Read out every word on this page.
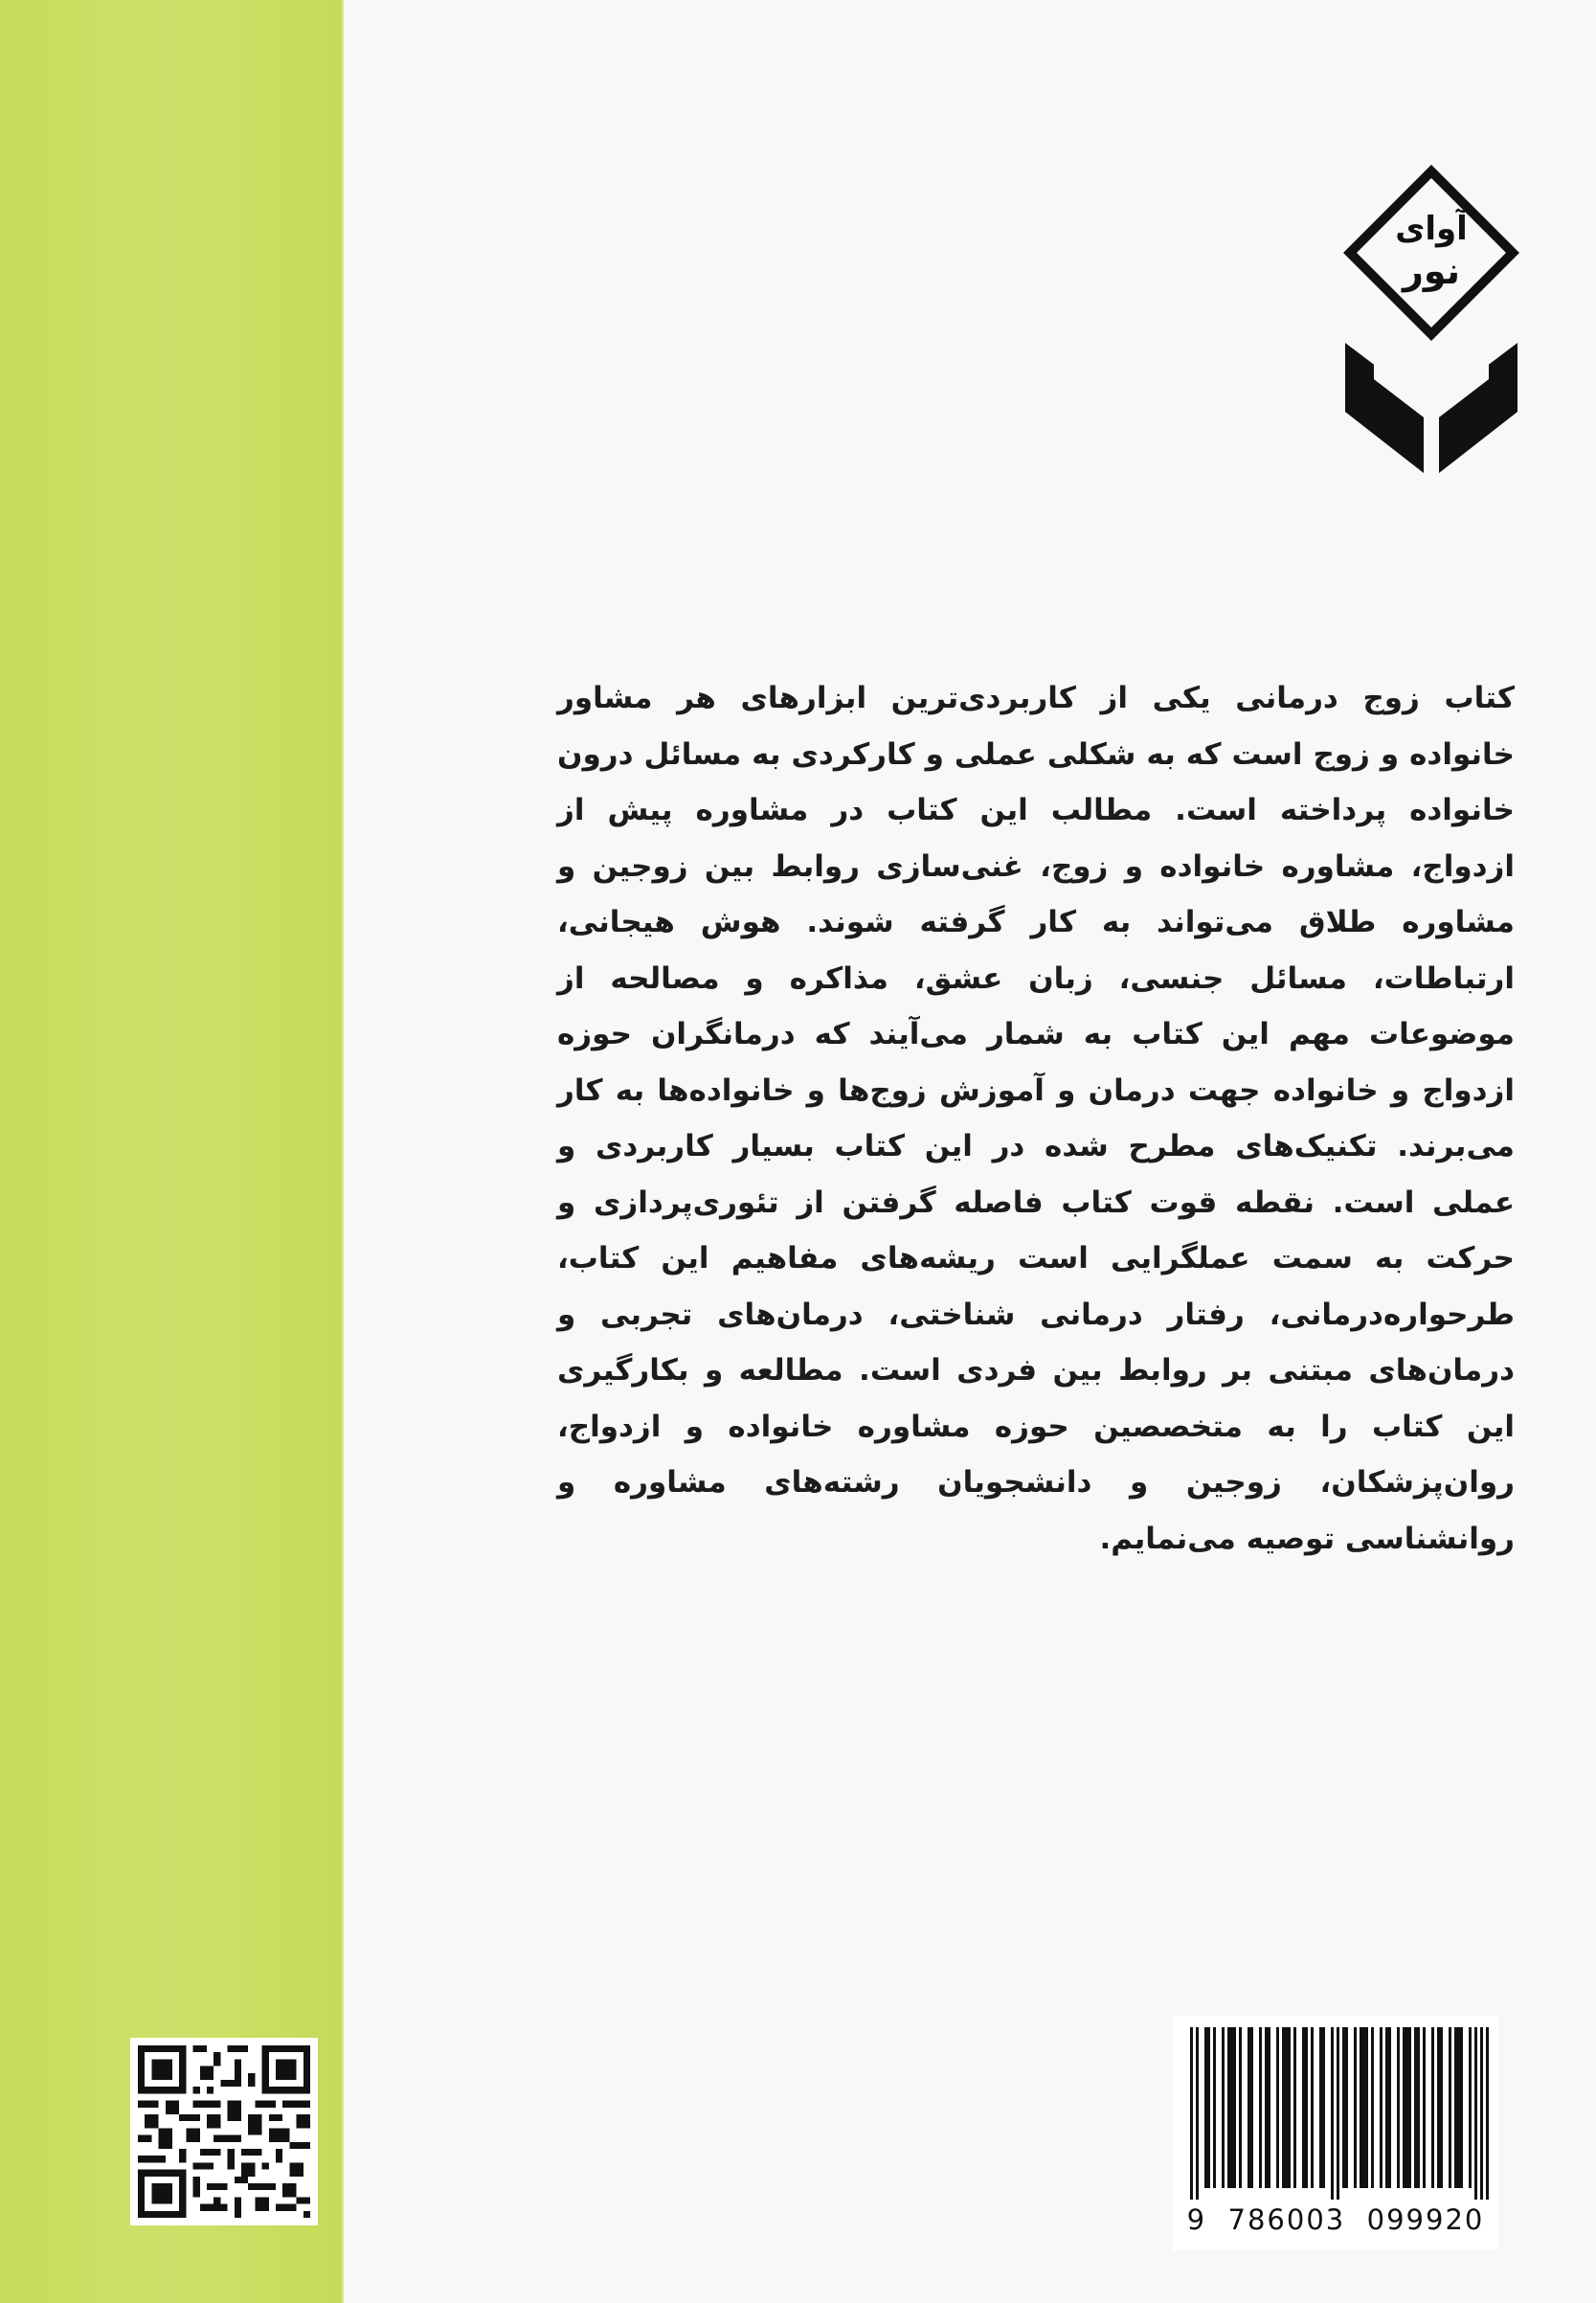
آوای
نور
کتاب زوج درمانی یکی از کاربردی‌ترین ابزارهای هر مشاور خانواده و زوج است که به شکلی عملی و کارکردی به مسائل درون خانواده پرداخته است. مطالب این کتاب در مشاوره پیش از ازدواج، مشاوره خانواده و زوج، غنی‌سازی روابط بین زوجین و مشاوره طلاق می‌تواند به کار گرفته شوند. هوش هیجانی، ارتباطات، مسائل جنسی، زبان عشق، مذاکره و مصالحه از موضوعات مهم این کتاب به شمار می‌آیند که درمانگران حوزه ازدواج و خانواده جهت درمان و آموزش زوج‌ها و خانواده‌ها به کار می‌برند. تکنیک‌های مطرح شده در این کتاب بسیار کاربردی و عملی است. نقطه قوت کتاب فاصله گرفتن از تئوری‌پردازی و حرکت به سمت عملگرایی است ریشه‌های مفاهیم این کتاب، طرحواره‌درمانی، رفتار درمانی شناختی، درمان‌های تجربی و درمان‌های مبتنی بر روابط بین فردی است. مطالعه و بکارگیری این کتاب را به متخصصین حوزه مشاوره خانواده و ازدواج، روان‌پزشکان، زوجین و دانشجویان رشته‌های مشاوره و روانشناسی توصیه می‌نمایم.
9  786003  099920
